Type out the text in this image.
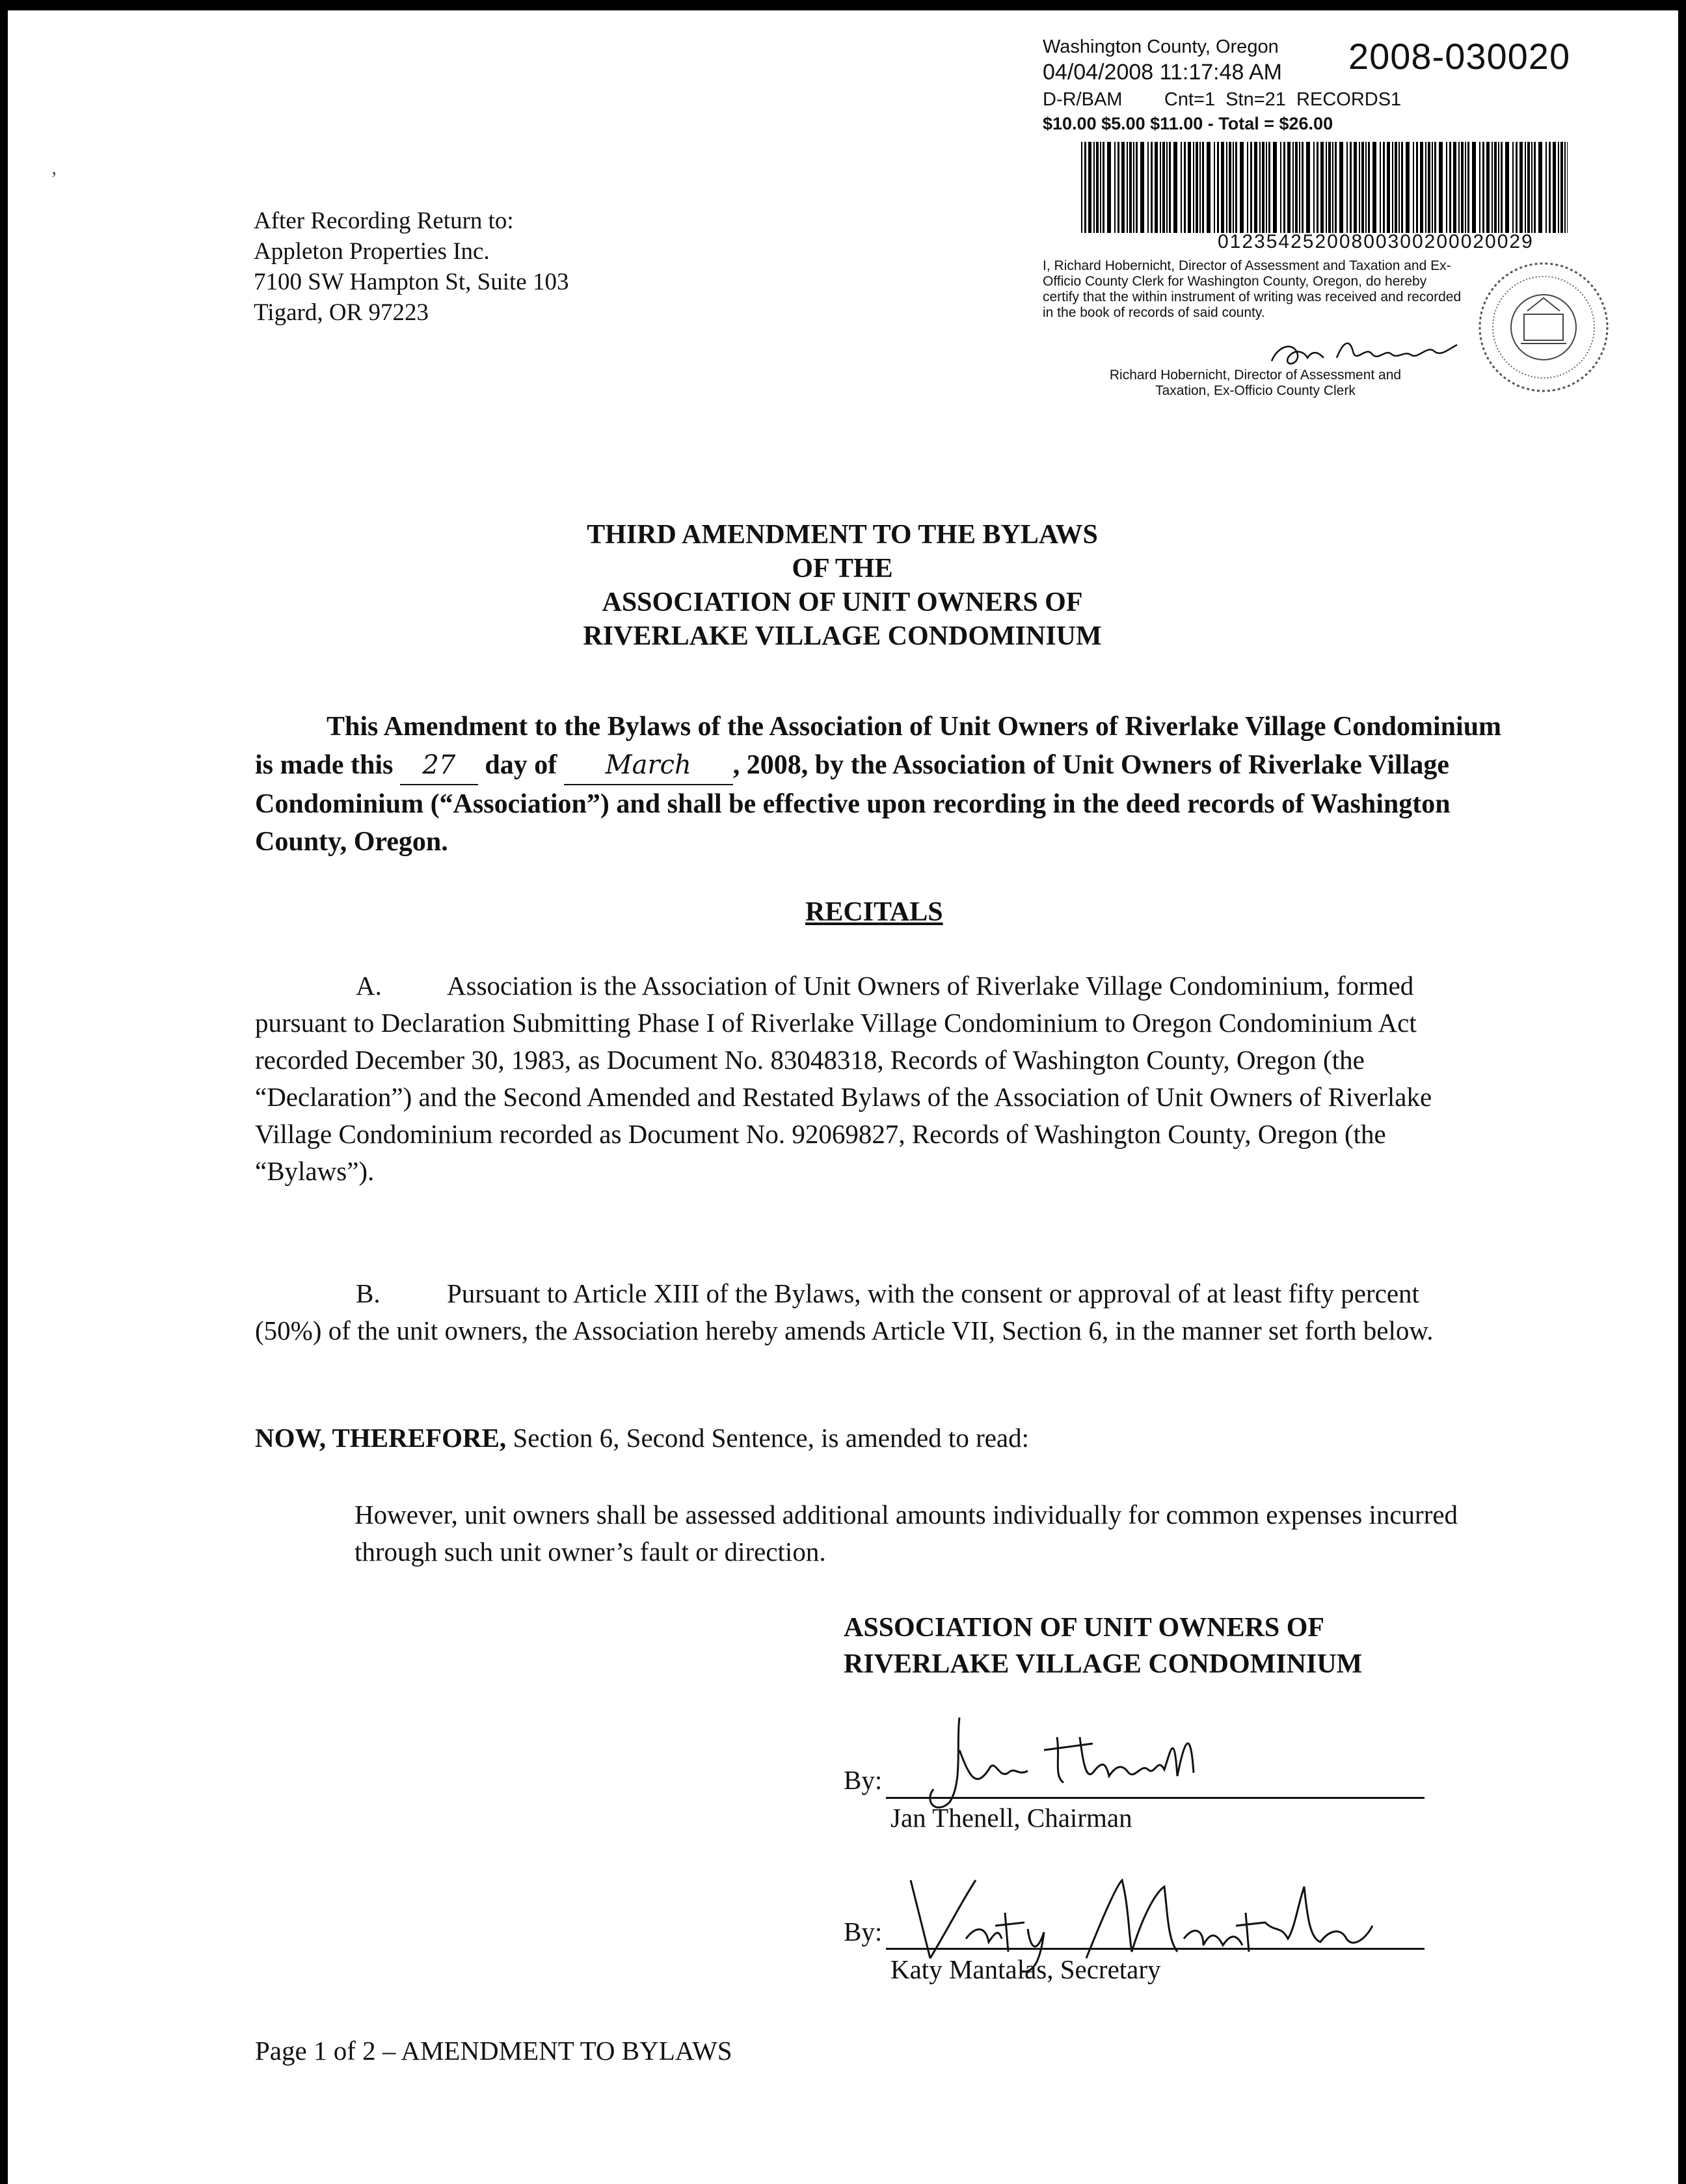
Washington County, Oregon
04/04/2008 11:17:48 AM 2008-030020
D-R/BAM        Cnt=1  Stn=21  RECORDS1
$10.00 $5.00 $11.00 - Total = $26.00
01235425200800300200020029
I, Richard Hobernicht, Director of Assessment and Taxation and Ex-Officio County Clerk for Washington County, Oregon, do hereby certify that the within instrument of writing was received and recorded in the book of records of said county.
Richard Hobernicht, Director of Assessment and
Taxation, Ex-Officio County Clerk
After Recording Return to:
Appleton Properties Inc.
7100 SW Hampton St, Suite 103
Tigard, OR 97223
’
THIRD AMENDMENT TO THE BYLAWS
OF THE
ASSOCIATION OF UNIT OWNERS OF
RIVERLAKE VILLAGE CONDOMINIUM
This Amendment to the Bylaws of the Association of Unit Owners of Riverlake Village Condominium is made this 27 day of March , 2008, by the Association of Unit Owners of Riverlake Village Condominium (“Association”) and shall be effective upon recording in the deed records of Washington County, Oregon.
RECITALS
A. Association is the Association of Unit Owners of Riverlake Village Condominium, formed pursuant to Declaration Submitting Phase I of Riverlake Village Condominium to Oregon Condominium Act recorded December 30, 1983, as Document No. 83048318, Records of Washington County, Oregon (the “Declaration”) and the Second Amended and Restated Bylaws of the Association of Unit Owners of Riverlake Village Condominium recorded as Document No. 92069827, Records of Washington County, Oregon (the “Bylaws”).
B. Pursuant to Article XIII of the Bylaws, with the consent or approval of at least fifty percent (50%) of the unit owners, the Association hereby amends Article VII, Section 6, in the manner set forth below.
NOW, THEREFORE, Section 6, Second Sentence, is amended to read:
However, unit owners shall be assessed additional amounts individually for common expenses incurred through such unit owner’s fault or direction.
ASSOCIATION OF UNIT OWNERS OF
RIVERLAKE VILLAGE CONDOMINIUM
By:
Jan Thenell, Chairman
By:
Katy Mantalas, Secretary
Page 1 of 2 – AMENDMENT TO BYLAWS
